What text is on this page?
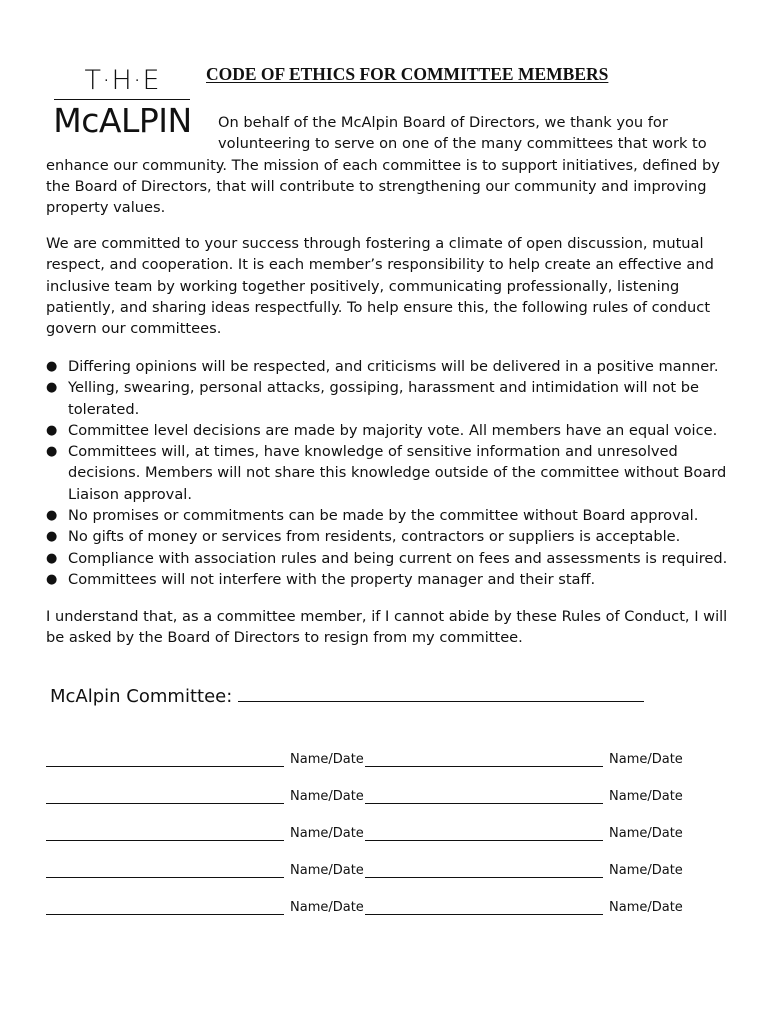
T·H·E
McALPIN
CODE OF ETHICS FOR COMMITTEE MEMBERS

On behalf of the McAlpin Board of Directors, we thank you for
volunteering to serve on one of the many committees that work to
enhance our community. The mission of each committee is to support initiatives, defined by the Board of Directors, that will contribute to strengthening our community and improving property values.

We are committed to your success through fostering a climate of open discussion, mutual respect, and cooperation. It is each member’s responsibility to help create an effective and inclusive team by working together positively, communicating professionally, listening patiently, and sharing ideas respectfully. To help ensure this, the following rules of conduct govern our committees.

● Differing opinions will be respected, and criticisms will be delivered in a positive manner.
● Yelling, swearing, personal attacks, gossiping, harassment and intimidation will not be tolerated.
● Committee level decisions are made by majority vote. All members have an equal voice.
● Committees will, at times, have knowledge of sensitive information and unresolved decisions. Members will not share this knowledge outside of the committee without Board Liaison approval.
● No promises or commitments can be made by the committee without Board approval.
● No gifts of money or services from residents, contractors or suppliers is acceptable.
● Compliance with association rules and being current on fees and assessments is required.
● Committees will not interfere with the property manager and their staff.

I understand that, as a committee member, if I cannot abide by these Rules of Conduct, I will be asked by the Board of Directors to resign from my committee.

McAlpin Committee:
Name/Date	Name/Date
Name/Date	Name/Date
Name/Date	Name/Date
Name/Date	Name/Date
Name/Date	Name/Date
